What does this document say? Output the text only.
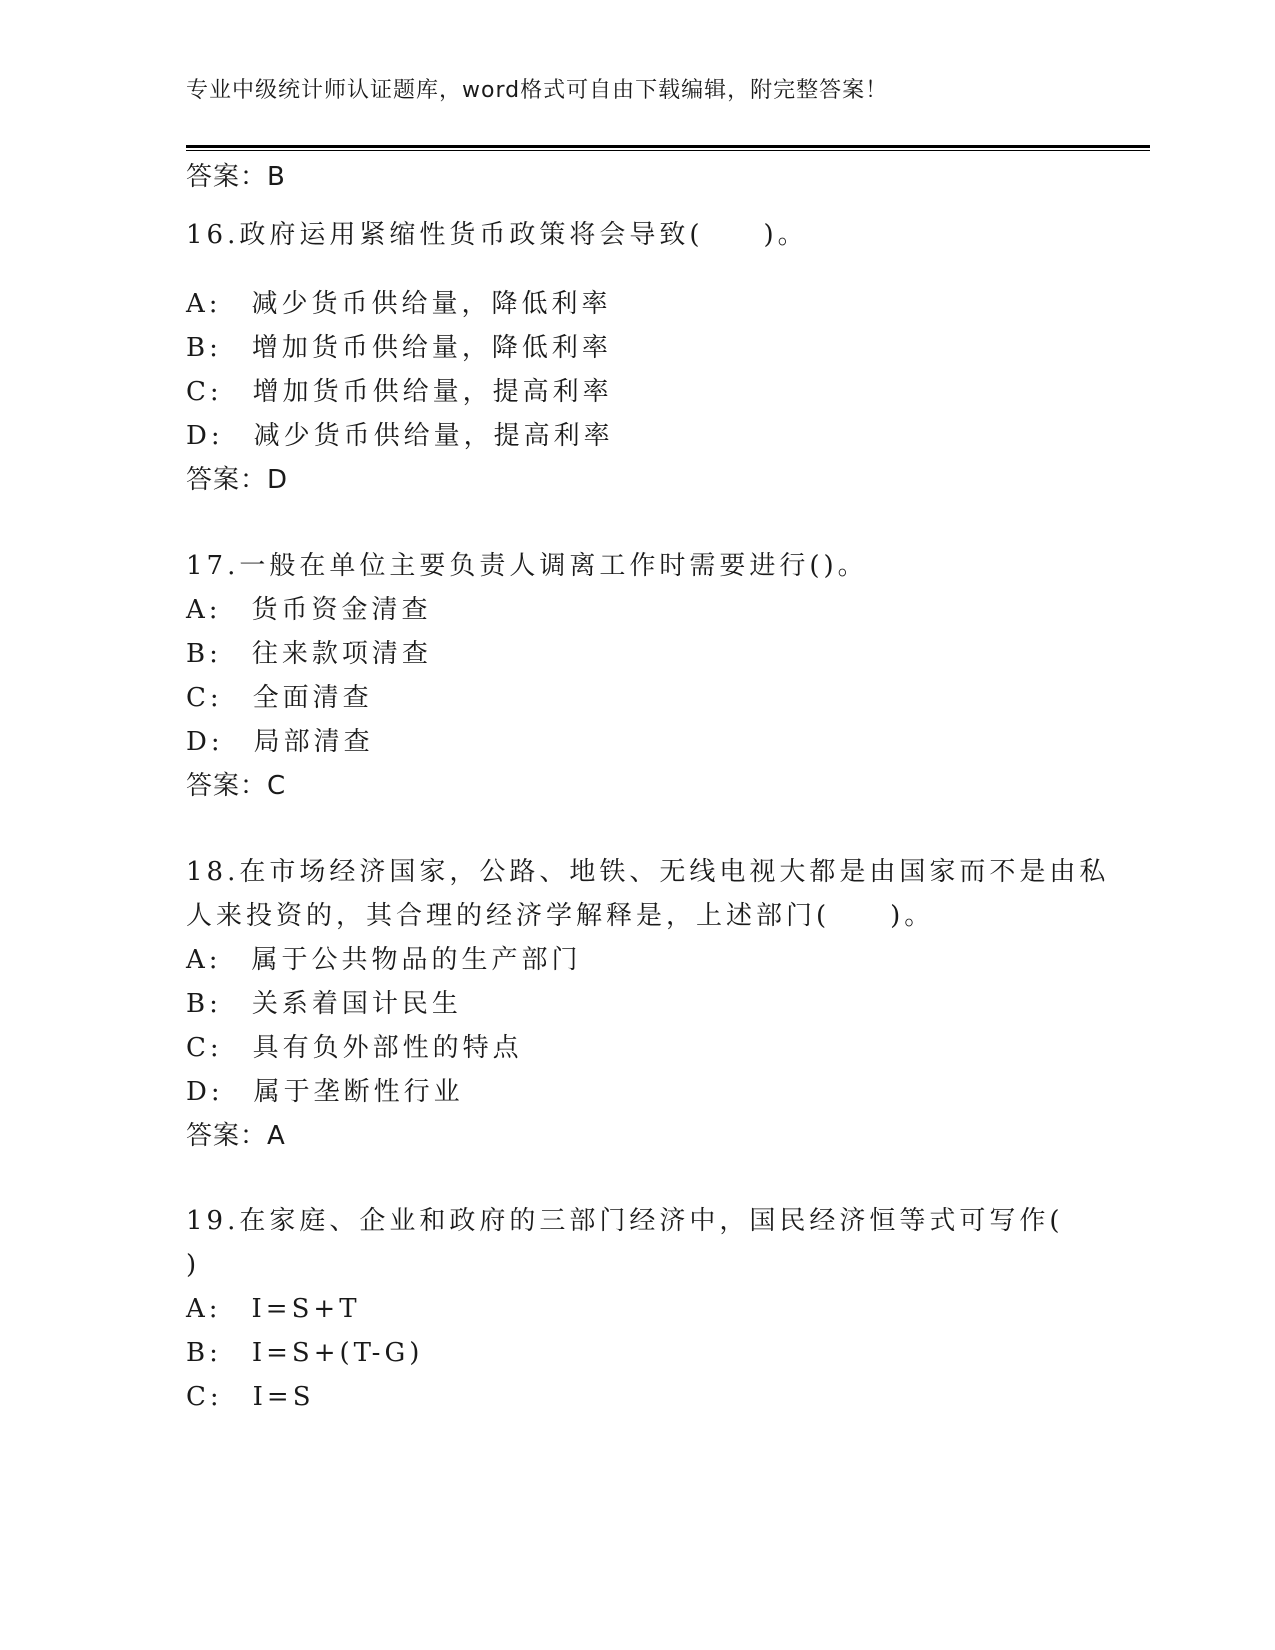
专业中级统计师认证题库，word格式可自由下载编辑，附完整答案！
答案：B
16.政府运用紧缩性货币政策将会导致(　　)。
A:　减少货币供给量，降低利率
B:　增加货币供给量，降低利率
C:　增加货币供给量，提高利率
D:　减少货币供给量，提高利率
答案：D
17.一般在单位主要负责人调离工作时需要进行()。
A:　货币资金清查
B:　往来款项清查
C:　全面清查
D:　局部清查
答案：C
18.在市场经济国家，公路、地铁、无线电视大都是由国家而不是由私
人来投资的，其合理的经济学解释是，上述部门(　　)。
A:　属于公共物品的生产部门
B:　关系着国计民生
C:　具有负外部性的特点
D:　属于垄断性行业
答案：A
19.在家庭、企业和政府的三部门经济中，国民经济恒等式可写作(
)
A:　I=S+T
B:　I=S+(T-G)
C:　I=S
